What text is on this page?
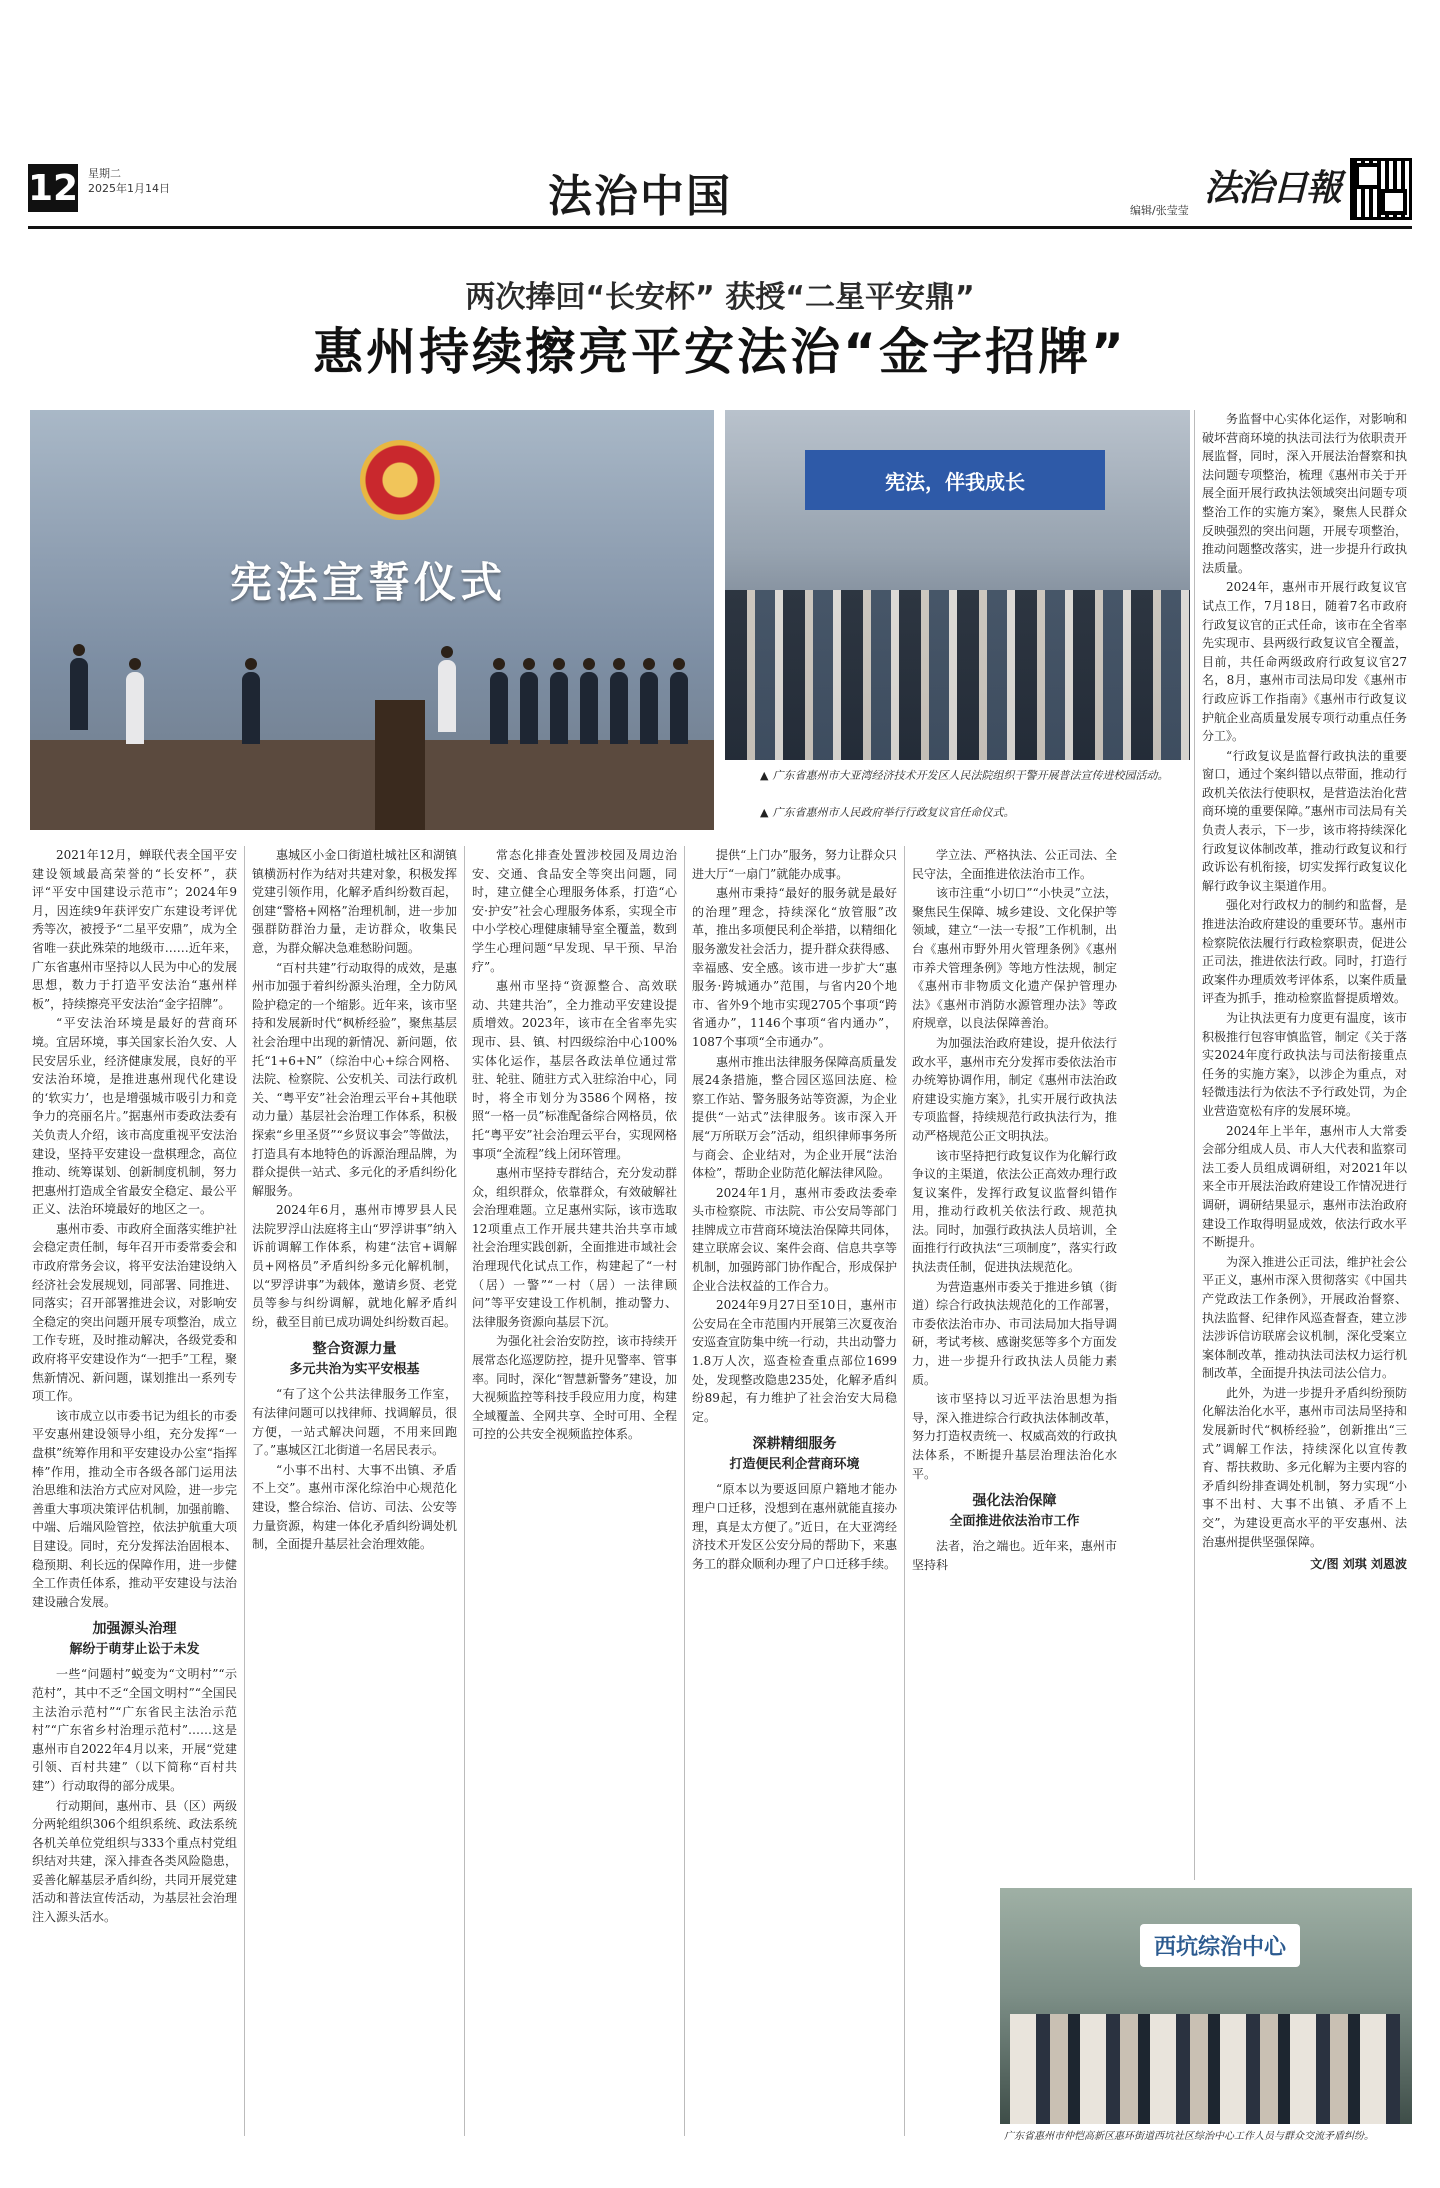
12 星期二
2025年1月14日	法治中国	编辑/张莹莹
法治日報
两次捧回“长安杯” 获授“二星平安鼎”
惠州持续擦亮平安法治“金字招牌”
宪法宣誓仪式
宪法，伴我成长
▲ 广东省惠州市大亚湾经济技术开发区人民法院组织干警开展普法宣传进校园活动。
▲ 广东省惠州市人民政府举行行政复议官任命仪式。

务监督中心实体化运作，对影响和破坏营商环境的执法司法行为依职责开展监督，同时，深入开展法治督察和执法问题专项整治，梳理《惠州市关于开展全面开展行政执法领域突出问题专项整治工作的实施方案》，聚焦人民群众反映强烈的突出问题，开展专项整治，推动问题整改落实，进一步提升行政执法质量。

2024年，惠州市开展行政复议官试点工作，7月18日，随着7名市政府行政复议官的正式任命，该市在全省率先实现市、县两级行政复议官全覆盖，目前，共任命两级政府行政复议官27名，8月，惠州市司法局印发《惠州市行政应诉工作指南》《惠州市行政复议护航企业高质量发展专项行动重点任务分工》。

“行政复议是监督行政执法的重要窗口，通过个案纠错以点带面，推动行政机关依法行使职权，是营造法治化营商环境的重要保障。”惠州市司法局有关负责人表示，下一步，该市将持续深化行政复议体制改革，推动行政复议和行政诉讼有机衔接，切实发挥行政复议化解行政争议主渠道作用。

强化对行政权力的制约和监督，是推进法治政府建设的重要环节。惠州市检察院依法履行行政检察职责，促进公正司法，推进依法行政。同时，打造行政案件办理质效考评体系，以案件质量评查为抓手，推动检察监督提质增效。

为让执法更有力度更有温度，该市积极推行包容审慎监管，制定《关于落实2024年度行政执法与司法衔接重点任务的实施方案》，以涉企为重点，对轻微违法行为依法不予行政处罚，为企业营造宽松有序的发展环境。

2024年上半年，惠州市人大常委会部分组成人员、市人大代表和监察司法工委人员组成调研组，对2021年以来全市开展法治政府建设工作情况进行调研，调研结果显示，惠州市法治政府建设工作取得明显成效，依法行政水平不断提升。

为深入推进公正司法，维护社会公平正义，惠州市深入贯彻落实《中国共产党政法工作条例》，开展政治督察、执法监督、纪律作风巡查督查，建立涉法涉诉信访联席会议机制，深化受案立案体制改革，推动执法司法权力运行机制改革，全面提升执法司法公信力。

此外，为进一步提升矛盾纠纷预防化解法治化水平，惠州市司法局坚持和发展新时代“枫桥经验”，创新推出“三式”调解工作法，持续深化以宣传教育、帮扶救助、多元化解为主要内容的矛盾纠纷排查调处机制，努力实现“小事不出村、大事不出镇、矛盾不上交”，为建设更高水平的平安惠州、法治惠州提供坚强保障。

文/图 刘琪 刘恩波

2021年12月，蝉联代表全国平安建设领域最高荣誉的“长安杯”，获评“平安中国建设示范市”；2024年9月，因连续9年获评安广东建设考评优秀等次，被授予“二星平安鼎”，成为全省唯一获此殊荣的地级市……近年来，广东省惠州市坚持以人民为中心的发展思想，数力于打造平安法治“惠州样板”，持续擦亮平安法治“金字招牌”。

“平安法治环境是最好的营商环境。宜居环境，事关国家长治久安、人民安居乐业，经济健康发展，良好的平安法治环境，是推进惠州现代化建设的‘软实力’，也是增强城市吸引力和竞争力的亮丽名片。”据惠州市委政法委有关负责人介绍，该市高度重视平安法治建设，坚持平安建设一盘棋理念，高位推动、统筹谋划、创新制度机制，努力把惠州打造成全省最安全稳定、最公平正义、法治环境最好的地区之一。

惠州市委、市政府全面落实维护社会稳定责任制，每年召开市委常委会和市政府常务会议，将平安法治建设纳入经济社会发展规划，同部署、同推进、同落实；召开部署推进会议，对影响安全稳定的突出问题开展专项整治，成立工作专班，及时推动解决，各级党委和政府将平安建设作为“一把手”工程，聚焦新情况、新问题，谋划推出一系列专项工作。

该市成立以市委书记为组长的市委平安惠州建设领导小组，充分发挥“一盘棋”统筹作用和平安建设办公室“指挥棒”作用，推动全市各级各部门运用法治思维和法治方式应对风险，进一步完善重大事项决策评估机制，加强前瞻、中端、后端风险管控，依法护航重大项目建设。同时，充分发挥法治固根本、稳预期、利长远的保障作用，进一步健全工作责任体系，推动平安建设与法治建设融合发展。

加强源头治理
解纷于萌芽止讼于未发

一些“问题村”蜕变为“文明村”“示范村”，其中不乏“全国文明村”“全国民主法治示范村”“广东省民主法治示范村”“广东省乡村治理示范村”……这是惠州市自2022年4月以来，开展“党建引领、百村共建”（以下简称“百村共建”）行动取得的部分成果。

行动期间，惠州市、县（区）两级分两轮组织306个组织系统、政法系统各机关单位党组织与333个重点村党组织结对共建，深入排查各类风险隐患，妥善化解基层矛盾纠纷，共同开展党建活动和普法宣传活动，为基层社会治理注入源头活水。

惠城区小金口街道杜城社区和湖镇镇横沥村作为结对共建对象，积极发挥党建引领作用，化解矛盾纠纷数百起，创建“警格+网格”治理机制，进一步加强群防群治力量，走访群众，收集民意，为群众解决急难愁盼问题。

“百村共建”行动取得的成效，是惠州市加强于着纠纷源头治理，全力防风险护稳定的一个缩影。近年来，该市坚持和发展新时代“枫桥经验”，聚焦基层社会治理中出现的新情况、新问题，依托“1+6+N”（综治中心+综合网格、法院、检察院、公安机关、司法行政机关、“粤平安”社会治理云平台+其他联动力量）基层社会治理工作体系，积极探索“乡里圣贤”“乡贤议事会”等做法，打造具有本地特色的诉源治理品牌，为群众提供一站式、多元化的矛盾纠纷化解服务。

2024年6月，惠州市博罗县人民法院罗浮山法庭将主山“罗浮讲事”纳入诉前调解工作体系，构建“法官+调解员+网格员”矛盾纠纷多元化解机制，以“罗浮讲事”为载体，邀请乡贤、老党员等参与纠纷调解，就地化解矛盾纠纷，截至目前已成功调处纠纷数百起。

整合资源力量
多元共治为实平安根基

“有了这个公共法律服务工作室，有法律问题可以找律师、找调解员，很方便，一站式解决问题，不用来回跑了。”惠城区江北街道一名居民表示。

“小事不出村、大事不出镇、矛盾不上交”。惠州市深化综治中心规范化建设，整合综治、信访、司法、公安等力量资源，构建一体化矛盾纠纷调处机制，全面提升基层社会治理效能。

常态化排查处置涉校园及周边治安、交通、食品安全等突出问题，同时，建立健全心理服务体系，打造“心安·护安”社会心理服务体系，实现全市中小学校心理健康辅导室全覆盖，数到学生心理问题“早发现、早干预、早治疗”。

惠州市坚持“资源整合、高效联动、共建共治”，全力推动平安建设提质增效。2023年，该市在全省率先实现市、县、镇、村四级综治中心100%实体化运作，基层各政法单位通过常驻、轮驻、随驻方式入驻综治中心，同时，将全市划分为3586个网格，按照“一格一员”标准配备综合网格员，依托“粤平安”社会治理云平台，实现网格事项“全流程”线上闭环管理。

惠州市坚持专群结合，充分发动群众，组织群众，依靠群众，有效破解社会治理难题。立足惠州实际，该市选取12项重点工作开展共建共治共享市域社会治理实践创新，全面推进市域社会治理现代化试点工作，构建起了“一村（居）一警”“一村（居）一法律顾问”等平安建设工作机制，推动警力、法律服务资源向基层下沉。

为强化社会治安防控，该市持续开展常态化巡逻防控，提升见警率、管事率。同时，深化“智慧新警务”建设，加大视频监控等科技手段应用力度，构建全域覆盖、全网共享、全时可用、全程可控的公共安全视频监控体系。

提供“上门办”服务，努力让群众只进大厅“一扇门”就能办成事。

惠州市秉持“最好的服务就是最好的治理”理念，持续深化“放管服”改革，推出多项便民利企举措，以精细化服务激发社会活力，提升群众获得感、幸福感、安全感。该市进一步扩大“惠服务·跨城通办”范围，与省内20个地市、省外9个地市实现2705个事项“跨省通办”，1146个事项“省内通办”，1087个事项“全市通办”。

惠州市推出法律服务保障高质量发展24条措施，整合园区巡回法庭、检察工作站、警务服务站等资源，为企业提供“一站式”法律服务。该市深入开展“万所联万会”活动，组织律师事务所与商会、企业结对，为企业开展“法治体检”，帮助企业防范化解法律风险。

2024年1月，惠州市委政法委牵头市检察院、市法院、市公安局等部门挂牌成立市营商环境法治保障共同体，建立联席会议、案件会商、信息共享等机制，加强跨部门协作配合，形成保护企业合法权益的工作合力。

2024年9月27日至10日，惠州市公安局在全市范围内开展第三次夏夜治安巡查宣防集中统一行动，共出动警力1.8万人次，巡查检查重点部位1699处，发现整改隐患235处，化解矛盾纠纷89起，有力维护了社会治安大局稳定。

深耕精细服务
打造便民利企营商环境

“原本以为要返回原户籍地才能办理户口迁移，没想到在惠州就能直接办理，真是太方便了。”近日，在大亚湾经济技术开发区公安分局的帮助下，来惠务工的群众顺利办理了户口迁移手续。

学立法、严格执法、公正司法、全民守法，全面推进依法治市工作。

该市注重“小切口”“小快灵”立法，聚焦民生保障、城乡建设、文化保护等领域，建立“一法一专报”工作机制，出台《惠州市野外用火管理条例》《惠州市养犬管理条例》等地方性法规，制定《惠州市非物质文化遗产保护管理办法》《惠州市消防水源管理办法》等政府规章，以良法保障善治。

为加强法治政府建设，提升依法行政水平，惠州市充分发挥市委依法治市办统筹协调作用，制定《惠州市法治政府建设实施方案》，扎实开展行政执法专项监督，持续规范行政执法行为，推动严格规范公正文明执法。

该市坚持把行政复议作为化解行政争议的主渠道，依法公正高效办理行政复议案件，发挥行政复议监督纠错作用，推动行政机关依法行政、规范执法。同时，加强行政执法人员培训，全面推行行政执法“三项制度”，落实行政执法责任制，促进执法规范化。

为营造惠州市委关于推进乡镇（街道）综合行政执法规范化的工作部署，市委依法治市办、市司法局加大指导调研，考试考核、感谢奖惩等多个方面发力，进一步提升行政执法人员能力素质。

该市坚持以习近平法治思想为指导，深入推进综合行政执法体制改革，努力打造权责统一、权威高效的行政执法体系，不断提升基层治理法治化水平。

强化法治保障
全面推进依法治市工作

法者，治之端也。近年来，惠州市坚持科

西坑综治中心
广东省惠州市仲恺高新区惠环街道西坑社区综治中心工作人员与群众交流矛盾纠纷。
